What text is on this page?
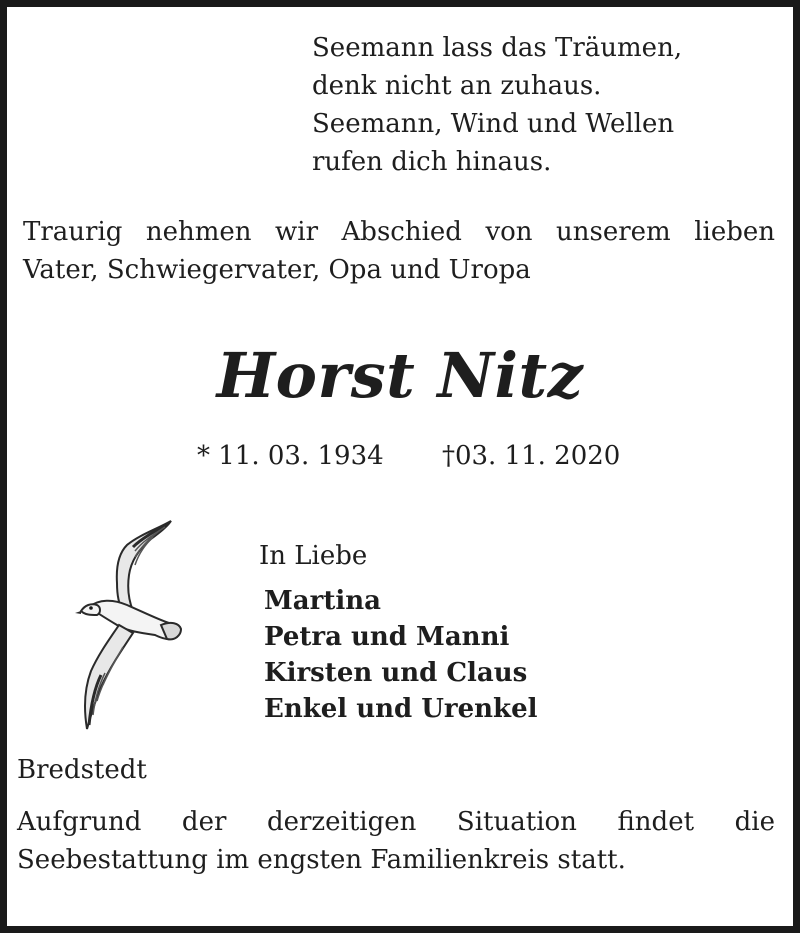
Seemann lass das Träumen,
denk nicht an zuhaus.
Seemann, Wind und Wellen
rufen dich hinaus.
Traurig nehmen wir Abschied von unserem lieben
Vater, Schwiegervater, Opa und Uropa
Horst Nitz
* 11. 03. 1934 †03. 11. 2020
In Liebe
Martina
Petra und Manni
Kirsten und Claus
Enkel und Urenkel
Bredstedt
Aufgrund der derzeitigen Situation findet die
Seebestattung im engsten Familienkreis statt.
